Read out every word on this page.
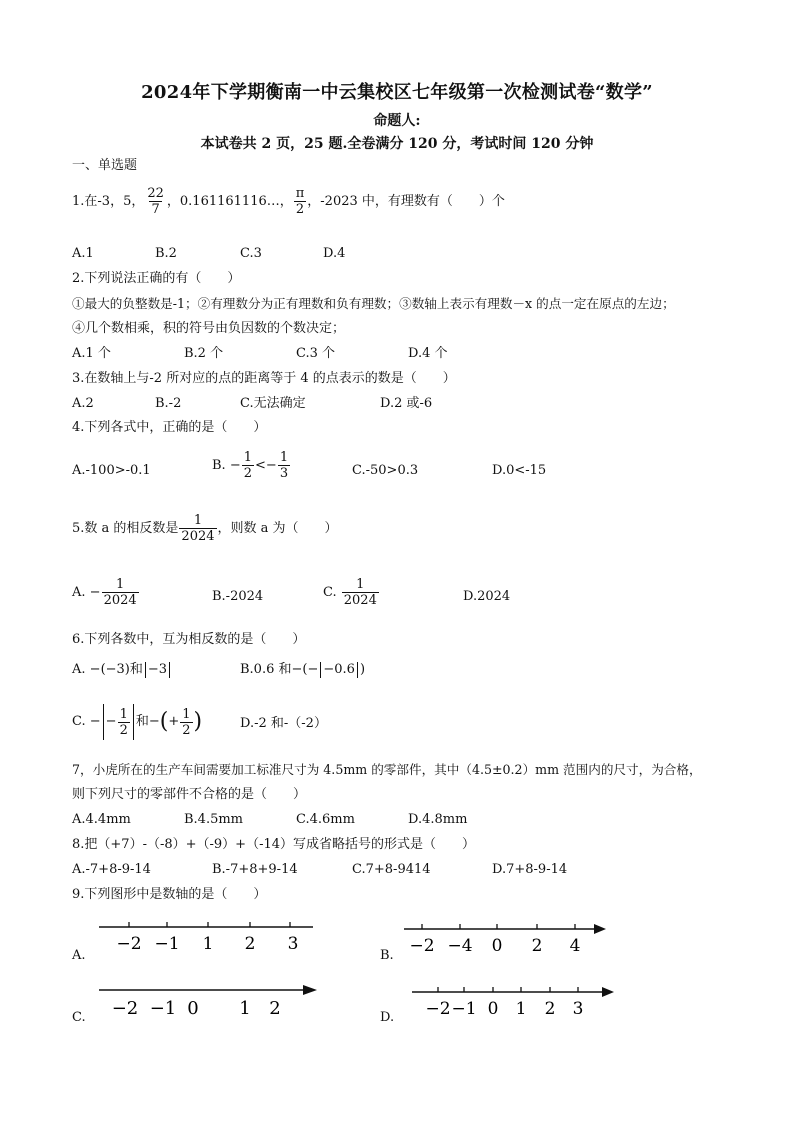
2024年下学期衡南一中云集校区七年级第一次检测试卷“数学”
命题人:
本试卷共 2 页，25 题.全卷满分 120 分，考试时间 120 分钟
一、单选题
1.在-3，5， $\frac{22}{7}$ ，0.161161116…， $\frac{\pi}{2}$ ，-2023 中，有理数有（　　）个
A.1	B.2	C.3	D.4
2.下列说法正确的有（　　）
①最大的负整数是-1；②有理数分为正有理数和负有理数；③数轴上表示有理数－x 的点一定在原点的左边；
④几个数相乘，积的符号由负因数的个数决定；
A.1 个	B.2 个	C.3 个	D.4 个
3.在数轴上与-2 所对应的点的距离等于 4 的点表示的数是（　　）
A.2	B.-2	C.无法确定	D.2 或-6
4.下列各式中，正确的是（　　）
A.-100>-0.1	B.
− $\frac{1}{2} <- \frac{1}{3}$	C.-50>0.3	D.0<-15
5.数 a 的相反数是 $\frac{1}{2024}$ ，则数 a 为（　　）
A.
− $\frac{1}{2024}$	B.-2024	C.
$\frac{1}{2024}$	D.2024
6.下列各数中，互为相反数的是（　　）
A.
−(−3)和 −3	B.0.6 和−(− −0.6 )
C.
− − $\frac{1}{2}$ 和− ( + $\frac{1}{2}$ )	D.-2 和-（-2）
7，小虎所在的生产车间需要加工标准尺寸为 4.5mm 的零部件，其中（4.5±0.2）mm 范围内的尺寸，为合格，
则下列尺寸的零部件不合格的是（　　）
A.4.4mm	B.4.5mm	C.4.6mm	D.4.8mm
8.把（+7）-（-8）+（-9）+（-14）写成省略括号的形式是（　　）
A.-7+8-9-14	B.-7+8+9-14	C.7+8-9414	D.7+8-9-14
9.下列图形中是数轴的是（　　）
A.	B.
C.	D.
−2 −1 1 2 3	−2 −4 0 2 4
−2 −1 0 1 2	−2 −1 0 1 2 3
